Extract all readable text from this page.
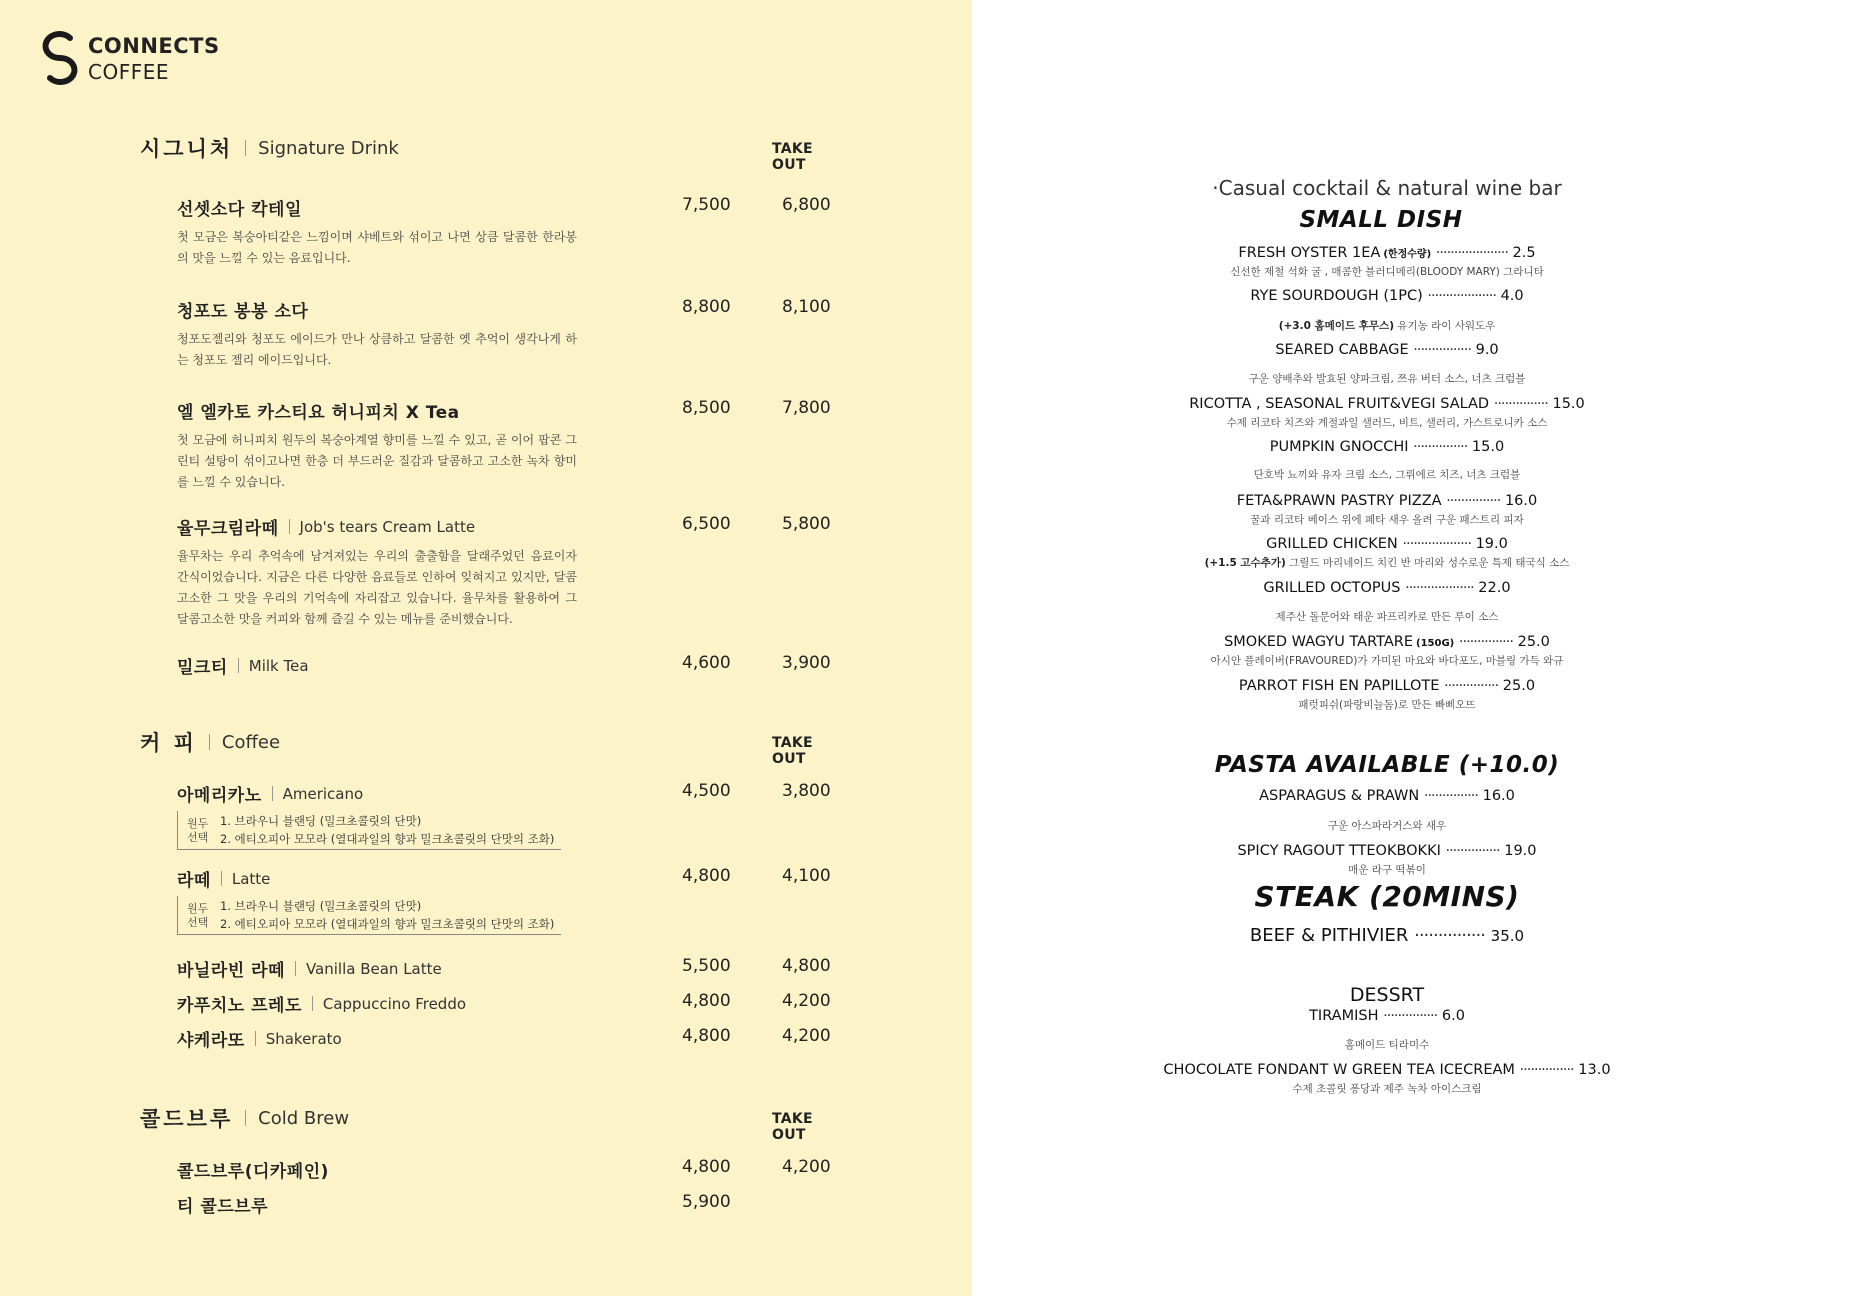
CONNECTS
COFFEE
시그니처 Signature Drink	TAKE OUT
선셋소다 칵테일	7,500	6,800
첫 모금은 복숭아티같은 느낌이며 샤베트와 섞이고 나면 상큼 달콤한 한라봉의 맛을 느낄 수 있는 음료입니다.
청포도 봉봉 소다	8,800	8,100
청포도젤리와 청포도 에이드가 만나 상큼하고 달콤한 옛 추억이 생각나게 하는 청포도 젤리 에이드입니다.
엘 엘카토 카스티요 허니피치 X Tea	8,500	7,800
첫 모금에 허니피치 원두의 복숭아계열 향미를 느낄 수 있고, 곧 이어 팝콘 그린티 설탕이 섞이고나면 한층 더 부드러운 질감과 달콤하고 고소한 녹차 향미를 느낄 수 있습니다.
율무크림라떼 Job's tears Cream Latte	6,500	5,800
율무차는 우리 추억속에 남겨져있는 우리의 출출함을 달래주었던 음료이자 간식이었습니다. 지금은 다른 다양한 음료들로 인하여 잊혀지고 있지만, 달콤 고소한 그 맛을 우리의 기억속에 자리잡고 있습니다. 율무차를 활용하여 그 달콤고소한 맛을 커피와 함께 즐길 수 있는 메뉴를 준비했습니다.
밀크티 Milk Tea	4,600	3,900
커 피 Coffee	TAKE OUT
아메리카노 Americano	4,500	3,800
원두 선택
1. 브라우니 블랜딩 (밀크초콜릿의 단맛)
2. 에티오피아 모모라 (열대과일의 향과 밀크초콜릿의 단맛의 조화)
라떼 Latte	4,800	4,100
원두 선택
1. 브라우니 블랜딩 (밀크초콜릿의 단맛)
2. 에티오피아 모모라 (열대과일의 향과 밀크초콜릿의 단맛의 조화)
바닐라빈 라떼 Vanilla Bean Latte	5,500	4,800
카푸치노 프레도 Cappuccino Freddo	4,800	4,200
샤케라또 Shakerato	4,800	4,200
콜드브루 Cold Brew	TAKE OUT
콜드브루(디카페인)	4,800	4,200
티 콜드브루	5,900
·Casual cocktail & natural wine bar
SMALL DISH
FRESH OYSTER 1EA (한정수량) ···················· 2.5
신선한 제철 석화 굴 , 매콤한 블러디메리(BLOODY MARY) 그라니타
RYE SOURDOUGH (1PC) ··················· 4.0
(+3.0 홈메이드 후무스) 유기농 라이 사워도우
SEARED CABBAGE ················ 9.0
구운 양배추와 발효된 양파크림, 쯔유 버터 소스, 너츠 크럼블
RICOTTA , SEASONAL FRUIT&VEGI SALAD ··············· 15.0
수제 리코타 치즈와 계절과일 샐러드, 비트, 샐러리, 가스트로니카 소스
PUMPKIN GNOCCHI ··············· 15.0
단호박 뇨끼와 유자 크림 소스, 그뤼에르 치즈, 너츠 크럼블
FETA&PRAWN PASTRY PIZZA ··············· 16.0
꿀과 리코타 베이스 위에 페타 새우 올려 구운 패스트리 피자
GRILLED CHICKEN ··················· 19.0
(+1.5 고수추가) 그릴드 마리네이드 치킨 반 마리와 성수로운 특제 태국식 소스
GRILLED OCTOPUS ··················· 22.0
제주산 돌문어와 태운 파프리카로 만든 루이 소스
SMOKED WAGYU TARTARE (150G) ··············· 25.0
아시안 플레이버(FRAVOURED)가 가미된 마요와 바다포도, 마블링 가득 와규
PARROT FISH EN PAPILLOTE ··············· 25.0
패럿피쉬(파랑비늘돔)로 만든 빠삐오뜨
PASTA AVAILABLE (+10.0)
ASPARAGUS & PRAWN ··············· 16.0
구운 아스파라거스와 새우
SPICY RAGOUT TTEOKBOKKI ··············· 19.0
매운 라구 떡볶이
STEAK (20MINS)
BEEF & PITHIVIER ··············· 35.0
DESSRT
TIRAMISH ··············· 6.0
홈메이드 티라미수
CHOCOLATE FONDANT W GREEN TEA ICECREAM ··············· 13.0
수제 초콜릿 퐁당과 제주 녹차 아이스크림
